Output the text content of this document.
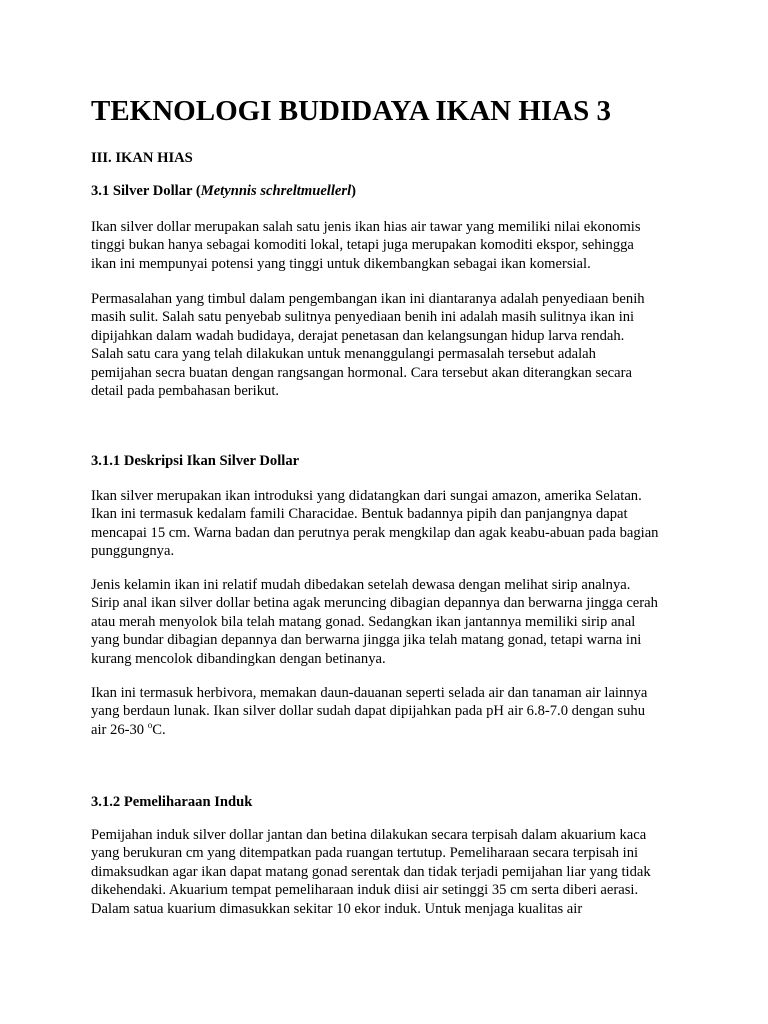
TEKNOLOGI BUDIDAYA IKAN HIAS 3

III. IKAN HIAS

3.1 Silver Dollar (Metynnis schreltmuellerl)

Ikan silver dollar merupakan salah satu jenis ikan hias air tawar yang memiliki nilai ekonomis
tinggi bukan hanya sebagai komoditi lokal, tetapi juga merupakan komoditi ekspor, sehingga
ikan ini mempunyai potensi yang tinggi untuk dikembangkan sebagai ikan komersial.
Permasalahan yang timbul dalam pengembangan ikan ini diantaranya adalah penyediaan benih
masih sulit. Salah satu penyebab sulitnya penyediaan benih ini adalah masih sulitnya ikan ini
dipijahkan dalam wadah budidaya, derajat penetasan dan kelangsungan hidup larva rendah.
Salah satu cara yang telah dilakukan untuk menanggulangi permasalah tersebut adalah
pemijahan secra buatan dengan rangsangan hormonal. Cara tersebut akan diterangkan secara
detail pada pembahasan berikut.

3.1.1 Deskripsi Ikan Silver Dollar

Ikan silver merupakan ikan introduksi yang didatangkan dari sungai amazon, amerika Selatan.
Ikan ini termasuk kedalam famili Characidae. Bentuk badannya pipih dan panjangnya dapat
mencapai 15 cm. Warna badan dan perutnya perak mengkilap dan agak keabu-abuan pada bagian
punggungnya.
Jenis kelamin ikan ini relatif mudah dibedakan setelah dewasa dengan melihat sirip analnya.
Sirip anal ikan silver dollar betina agak meruncing dibagian depannya dan berwarna jingga cerah
atau merah menyolok bila telah matang gonad. Sedangkan ikan jantannya memiliki sirip anal
yang bundar dibagian depannya dan berwarna jingga jika telah matang gonad, tetapi warna ini
kurang mencolok dibandingkan dengan betinanya.
Ikan ini termasuk herbivora, memakan daun-dauanan seperti selada air dan tanaman air lainnya
yang berdaun lunak. Ikan silver dollar sudah dapat dipijahkan pada pH air 6.8-7.0 dengan suhu
air 26-30 $^o$C.

3.1.2 Pemeliharaan Induk

Pemijahan induk silver dollar jantan dan betina dilakukan secara terpisah dalam akuarium kaca
yang berukuran cm yang ditempatkan pada ruangan tertutup. Pemeliharaan secara terpisah ini
dimaksudkan agar ikan dapat matang gonad serentak dan tidak terjadi pemijahan liar yang tidak
dikehendaki. Akuarium tempat pemeliharaan induk diisi air setinggi 35 cm serta diberi aerasi.
Dalam satua kuarium dimasukkan sekitar 10 ekor induk. Untuk menjaga kualitas air
